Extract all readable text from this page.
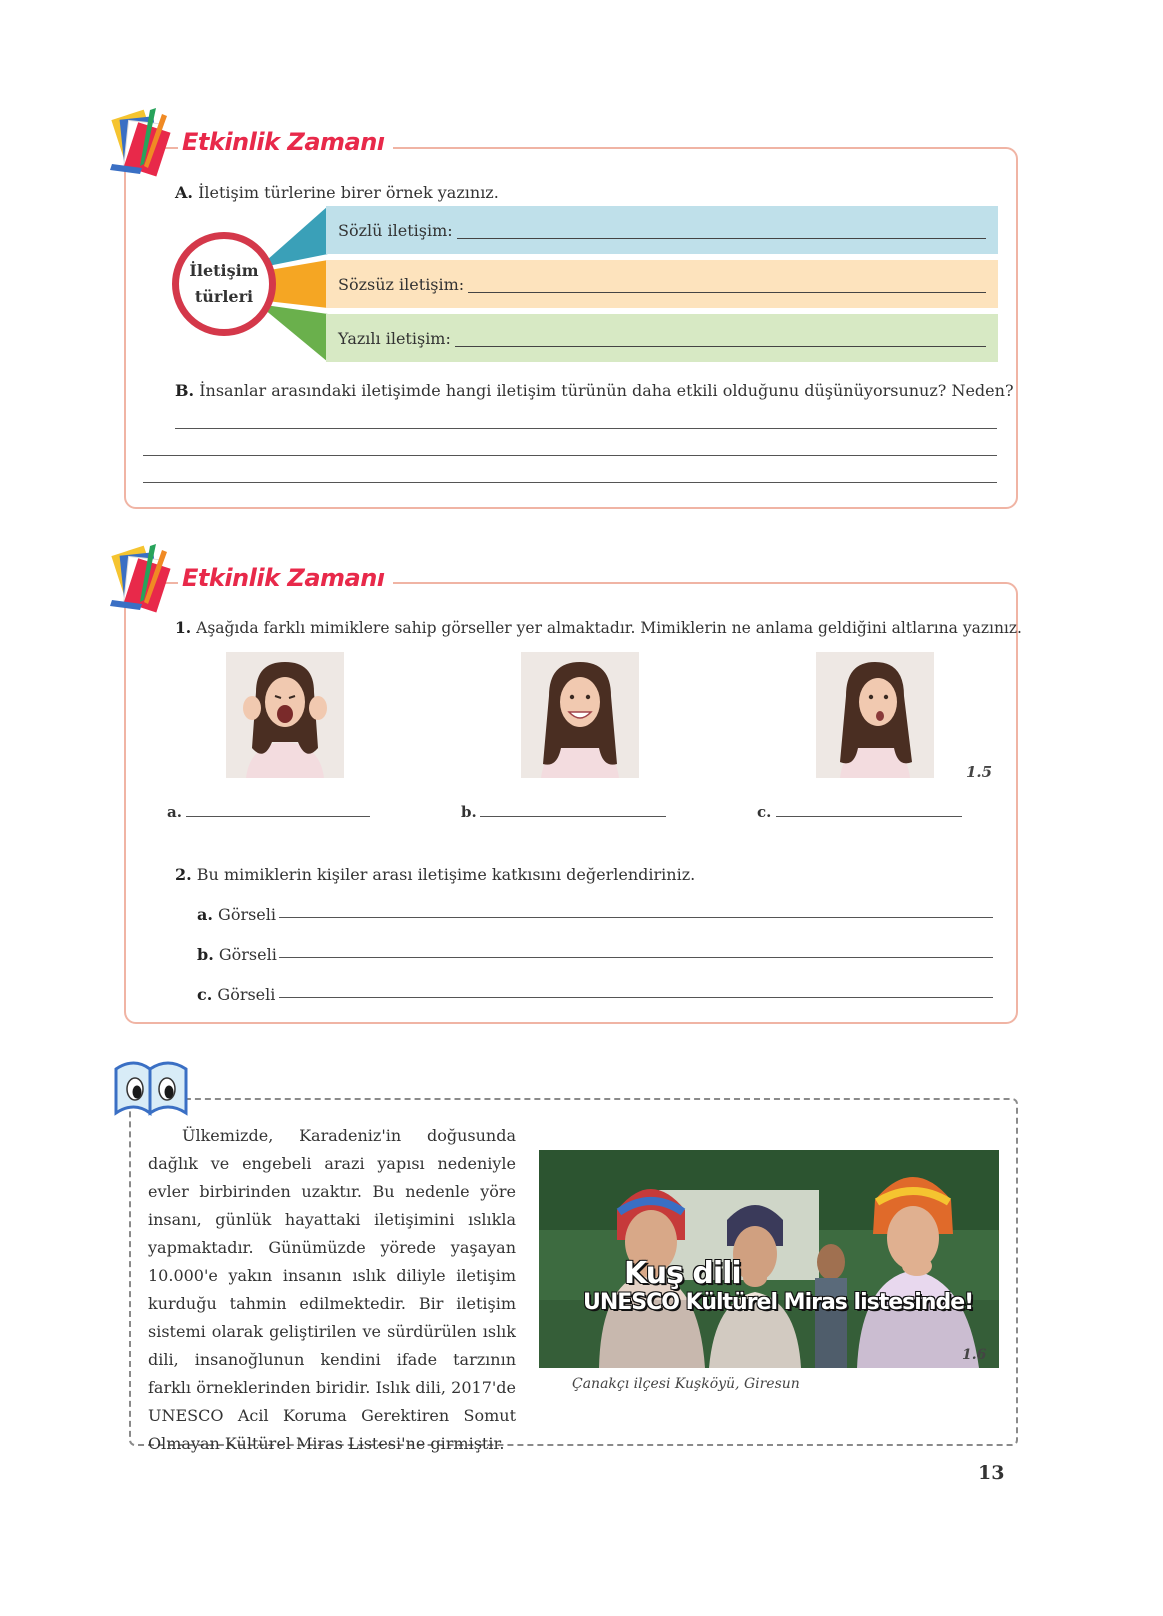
Etkinlik Zamanı
A. İletişim türlerine birer örnek yazınız.
İletişim
türleri
Sözlü iletişim:
Sözsüz iletişim:
Yazılı iletişim:
B. İnsanlar arasındaki iletişimde hangi iletişim türünün daha etkili olduğunu düşünüyorsunuz? Neden?
Etkinlik Zamanı
1. Aşağıda farklı mimiklere sahip görseller yer almaktadır. Mimiklerin ne anlama geldiğini altlarına yazınız.
1.5
a.	b.	c.
2. Bu mimiklerin kişiler arası iletişime katkısını değerlendiriniz.
a. Görseli
b. Görseli
c. Görseli
Ülkemizde, Karadeniz'in doğusunda dağlık ve engebeli arazi yapısı nedeniyle evler birbirinden uzaktır. Bu nedenle yöre insanı, günlük hayattaki iletişimini ıslıkla yapmaktadır. Günümüzde yörede yaşayan 10.000'e yakın insanın ıslık diliyle iletişim kurduğu tahmin edilmektedir. Bir iletişim sistemi olarak geliştirilen ve sürdürülen ıslık dili, insanoğlunun kendini ifade tarzının farklı örneklerinden biridir. Islık dili, 2017'de UNESCO Acil Koruma Gerektiren Somut Olmayan Kültürel Miras Listesi'ne girmiştir.
Kuş dili
UNESCO Kültürel Miras listesinde!
1.6
Çanakçı ilçesi Kuşköyü, Giresun
13
